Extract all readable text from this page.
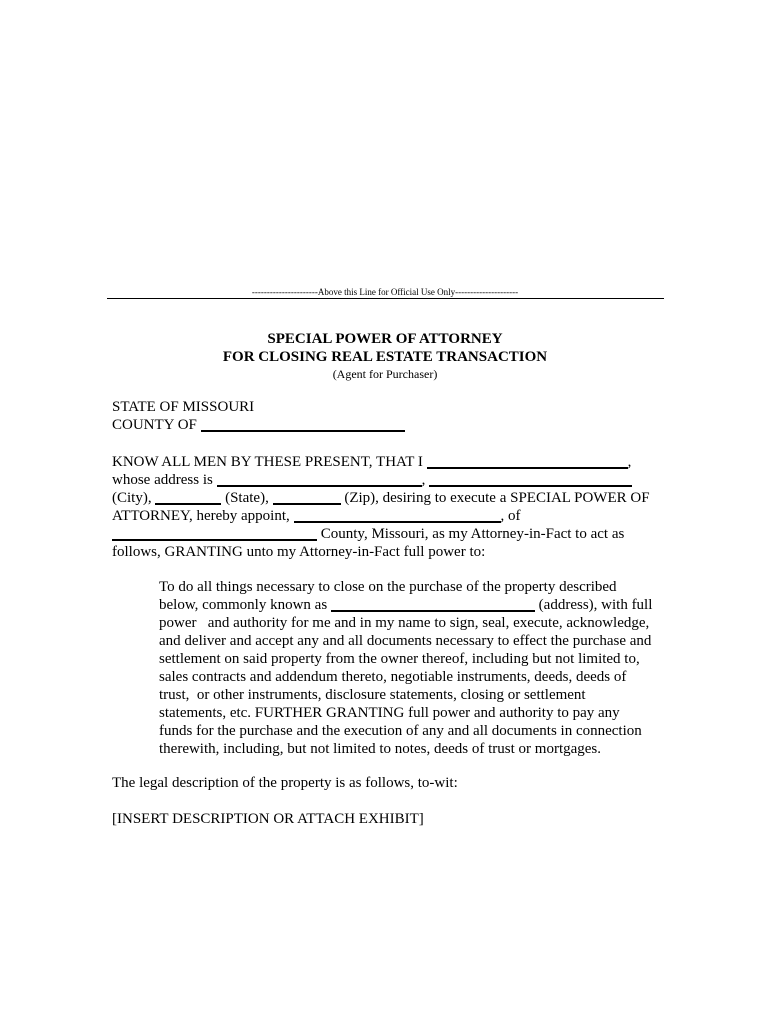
----------------------Above this Line for Official Use Only---------------------
SPECIAL POWER OF ATTORNEY
FOR CLOSING REAL ESTATE TRANSACTION
(Agent for Purchaser)
STATE OF MISSOURI
COUNTY OF
KNOW ALL MEN BY THESE PRESENT, THAT I	,
whose address is	,
(City),	(State),	(Zip), desiring to execute a SPECIAL POWER OF
ATTORNEY, hereby appoint,	, of
County, Missouri, as my Attorney-in-Fact to act as
follows, GRANTING unto my Attorney-in-Fact full power to:
To do all things necessary to close on the purchase of the property described
below, commonly known as	(address), with full
power   and authority for me and in my name to sign, seal, execute, acknowledge,
and deliver and accept any and all documents necessary to effect the purchase and
settlement on said property from the owner thereof, including but not limited to,
sales contracts and addendum thereto, negotiable instruments, deeds, deeds of
trust,  or other instruments, disclosure statements, closing or settlement
statements, etc. FURTHER GRANTING full power and authority to pay any
funds for the purchase and the execution of any and all documents in connection
therewith, including, but not limited to notes, deeds of trust or mortgages.
The legal description of the property is as follows, to-wit:
[INSERT DESCRIPTION OR ATTACH EXHIBIT]
